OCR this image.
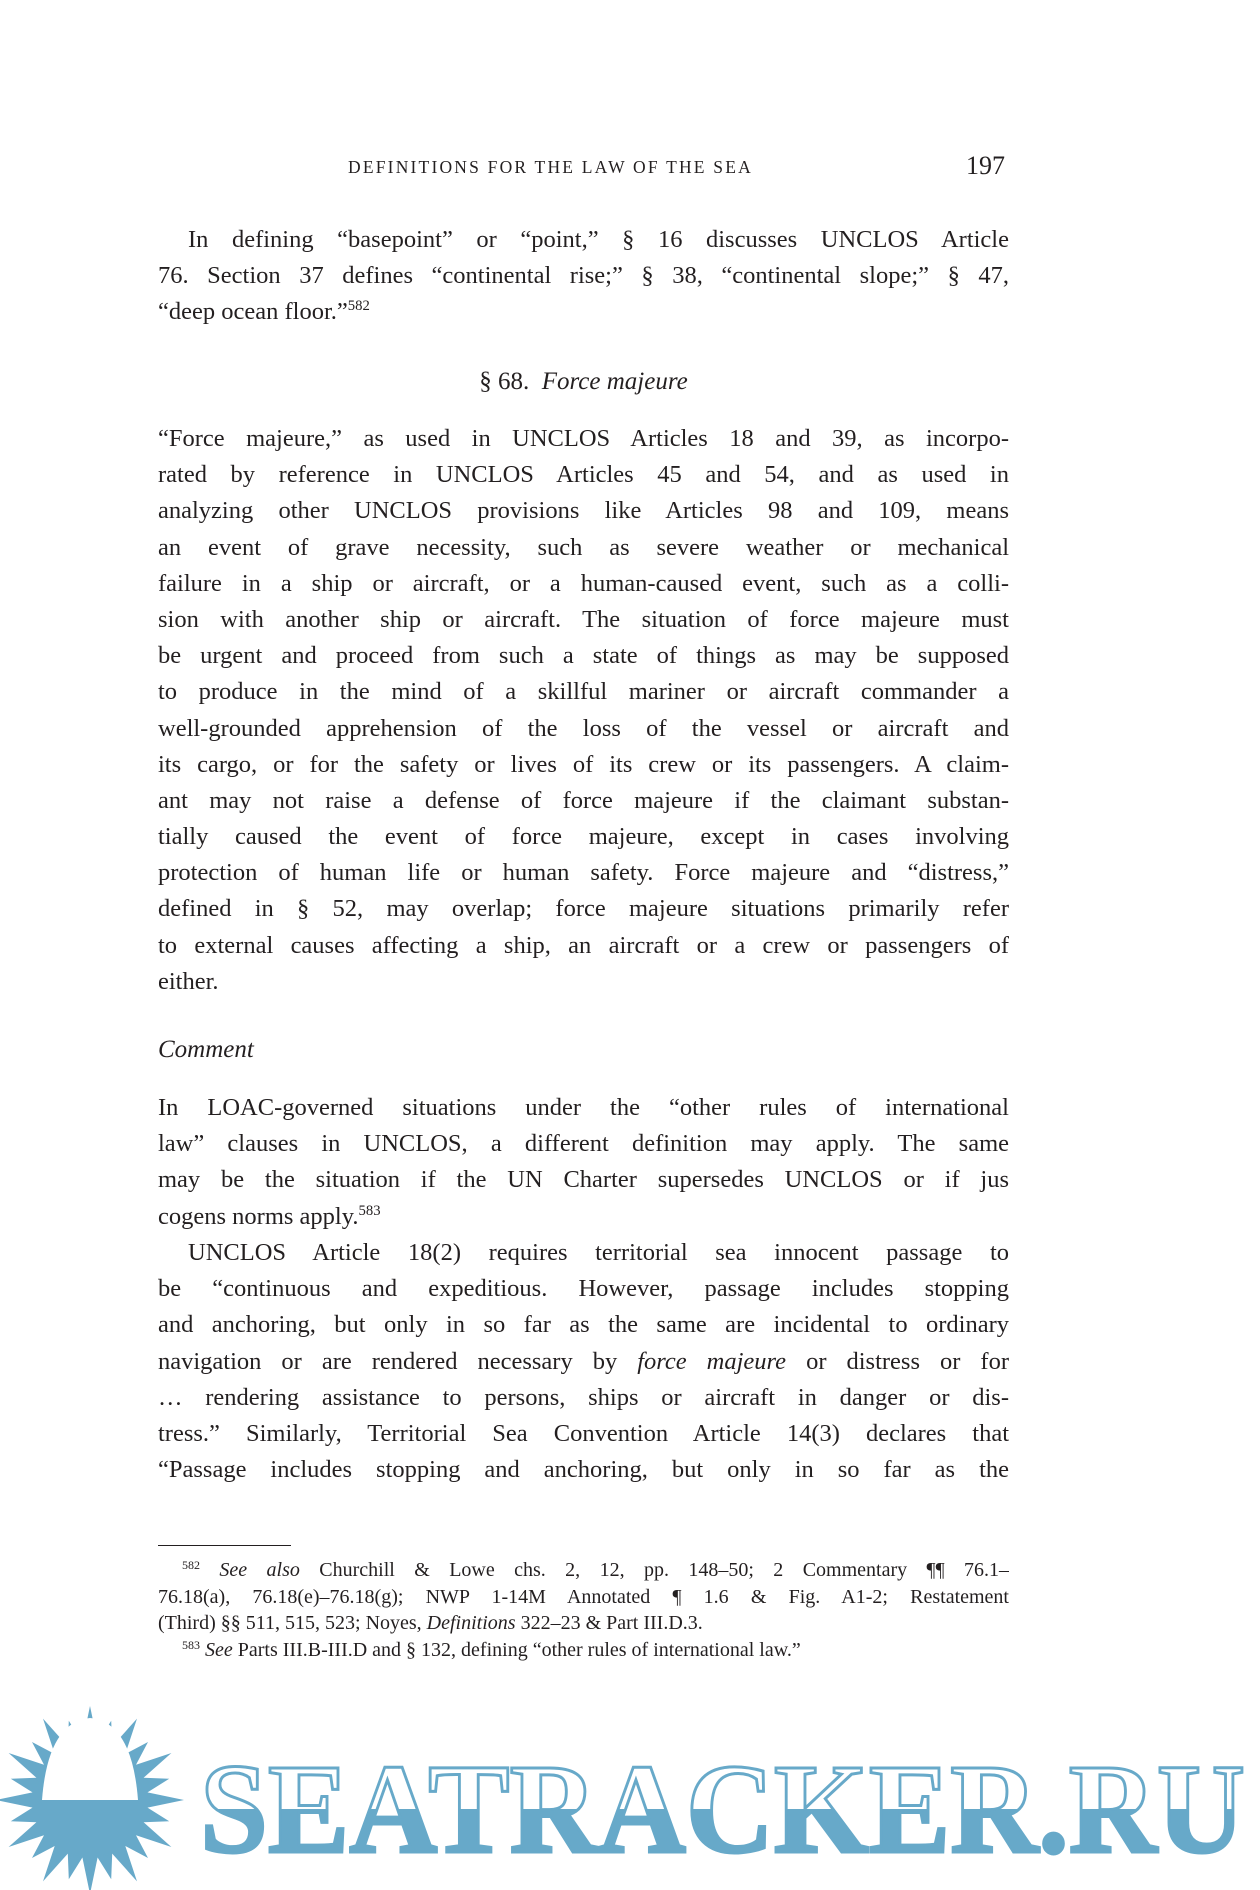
DEFINITIONS FOR THE LAW OF THE SEA	197
In defining “basepoint” or “point,” § 16 discusses UNCLOS Article
76. Section 37 defines “continental rise;” § 38, “continental slope;” § 47,
“deep ocean floor.”$^{582}$
§ 68. Force majeure
“Force majeure,” as used in UNCLOS Articles 18 and 39, as incorpo-
rated by reference in UNCLOS Articles 45 and 54, and as used in
analyzing other UNCLOS provisions like Articles 98 and 109, means
an event of grave necessity, such as severe weather or mechanical
failure in a ship or aircraft, or a human-caused event, such as a colli-
sion with another ship or aircraft. The situation of force majeure must
be urgent and proceed from such a state of things as may be supposed
to produce in the mind of a skillful mariner or aircraft commander a
well-grounded apprehension of the loss of the vessel or aircraft and
its cargo, or for the safety or lives of its crew or its passengers. A claim-
ant may not raise a defense of force majeure if the claimant substan-
tially caused the event of force majeure, except in cases involving
protection of human life or human safety. Force majeure and “distress,”
defined in § 52, may overlap; force majeure situations primarily refer
to external causes affecting a ship, an aircraft or a crew or passengers of
either.
Comment
In LOAC-governed situations under the “other rules of international
law” clauses in UNCLOS, a different definition may apply. The same
may be the situation if the UN Charter supersedes UNCLOS or if jus
cogens norms apply.$^{583}$
UNCLOS Article 18(2) requires territorial sea innocent passage to
be “continuous and expeditious. However, passage includes stopping
and anchoring, but only in so far as the same are incidental to ordinary
navigation or are rendered necessary by force majeure or distress or for
… rendering assistance to persons, ships or aircraft in danger or dis-
tress.” Similarly, Territorial Sea Convention Article 14(3) declares that
“Passage includes stopping and anchoring, but only in so far as the
$^{582}$ See also Churchill & Lowe chs. 2, 12, pp. 148–50; 2 Commentary ¶¶ 76.1–
76.18(a), 76.18(e)–76.18(g); NWP 1-14M Annotated ¶ 1.6 & Fig. A1-2; Restatement
(Third) §§ 511, 515, 523; Noyes, Definitions 322–23 & Part III.D.3.
$^{583}$ See Parts III.B-III.D and § 132, defining “other rules of international law.”
SEATRACKER.RU
